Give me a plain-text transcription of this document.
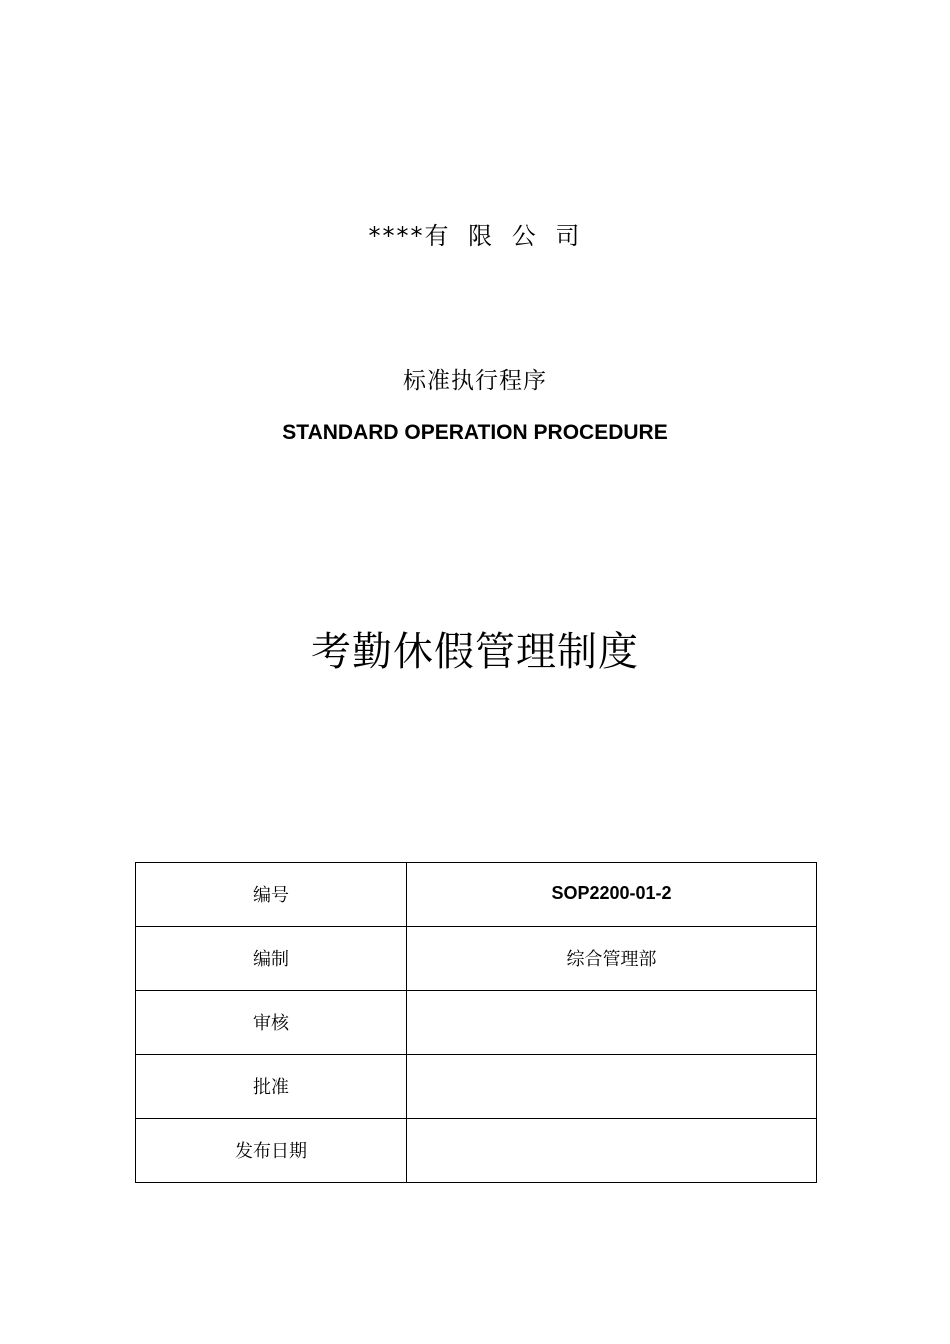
****有 限 公 司
标准执行程序
STANDARD OPERATION PROCEDURE
考勤休假管理制度
编号	SOP2200-01-2
编制	综合管理部
审核	
批准	
发布日期	
